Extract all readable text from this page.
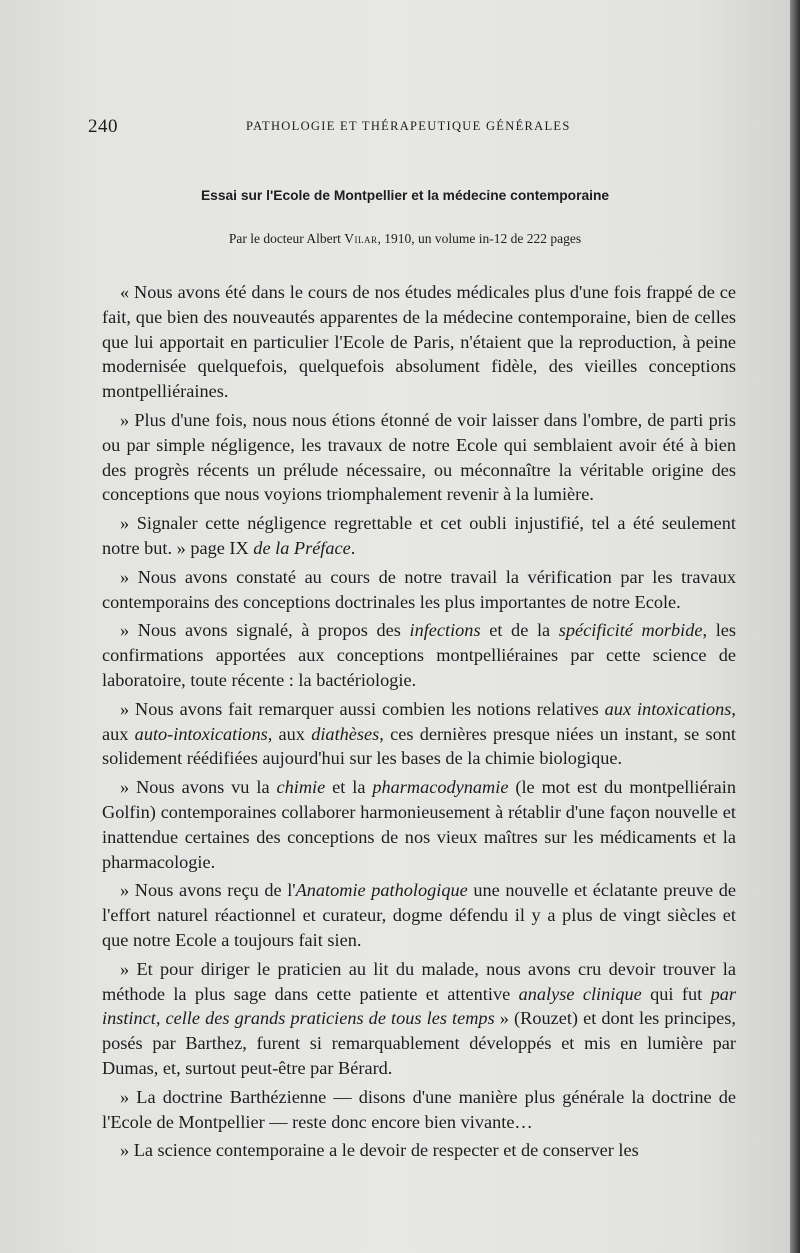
240	PATHOLOGIE ET THÉRAPEUTIQUE GÉNÉRALES
Essai sur l'Ecole de Montpellier et la médecine contemporaine
Par le docteur Albert Vilar, 1910, un volume in-12 de 222 pages

« Nous avons été dans le cours de nos études médicales plus d'une fois frappé de ce fait, que bien des nouveautés apparentes de la médecine contemporaine, bien de celles que lui apportait en particulier l'Ecole de Paris, n'étaient que la reproduction, à peine modernisée quelquefois, quelquefois absolument fidèle, des vieilles conceptions montpelliéraines.

» Plus d'une fois, nous nous étions étonné de voir laisser dans l'ombre, de parti pris ou par simple négligence, les travaux de notre Ecole qui semblaient avoir été à bien des progrès récents un prélude nécessaire, ou méconnaître la véritable origine des conceptions que nous voyions triomphalement revenir à la lumière.

» Signaler cette négligence regrettable et cet oubli injustifié, tel a été seulement notre but. » page IX de la Préface.

» Nous avons constaté au cours de notre travail la vérification par les travaux contemporains des conceptions doctrinales les plus importantes de notre Ecole.

» Nous avons signalé, à propos des infections et de la spécificité morbide, les confirmations apportées aux conceptions montpelliéraines par cette science de laboratoire, toute récente : la bactériologie.

» Nous avons fait remarquer aussi combien les notions relatives aux intoxications, aux auto-intoxications, aux diathèses, ces dernières presque niées un instant, se sont solidement réédifiées aujourd'hui sur les bases de la chimie biologique.

» Nous avons vu la chimie et la pharmacodynamie (le mot est du montpelliérain Golfin) contemporaines collaborer harmonieusement à rétablir d'une façon nouvelle et inattendue certaines des conceptions de nos vieux maîtres sur les médicaments et la pharmacologie.

» Nous avons reçu de l'Anatomie pathologique une nouvelle et éclatante preuve de l'effort naturel réactionnel et curateur, dogme défendu il y a plus de vingt siècles et que notre Ecole a toujours fait sien.

» Et pour diriger le praticien au lit du malade, nous avons cru devoir trouver la méthode la plus sage dans cette patiente et attentive analyse clinique qui fut par instinct, celle des grands praticiens de tous les temps » (Rouzet) et dont les principes, posés par Barthez, furent si remarquablement développés et mis en lumière par Dumas, et, surtout peut-être par Bérard.

» La doctrine Barthézienne — disons d'une manière plus générale la doctrine de l'Ecole de Montpellier — reste donc encore bien vivante…

» La science contemporaine a le devoir de respecter et de conserver les
